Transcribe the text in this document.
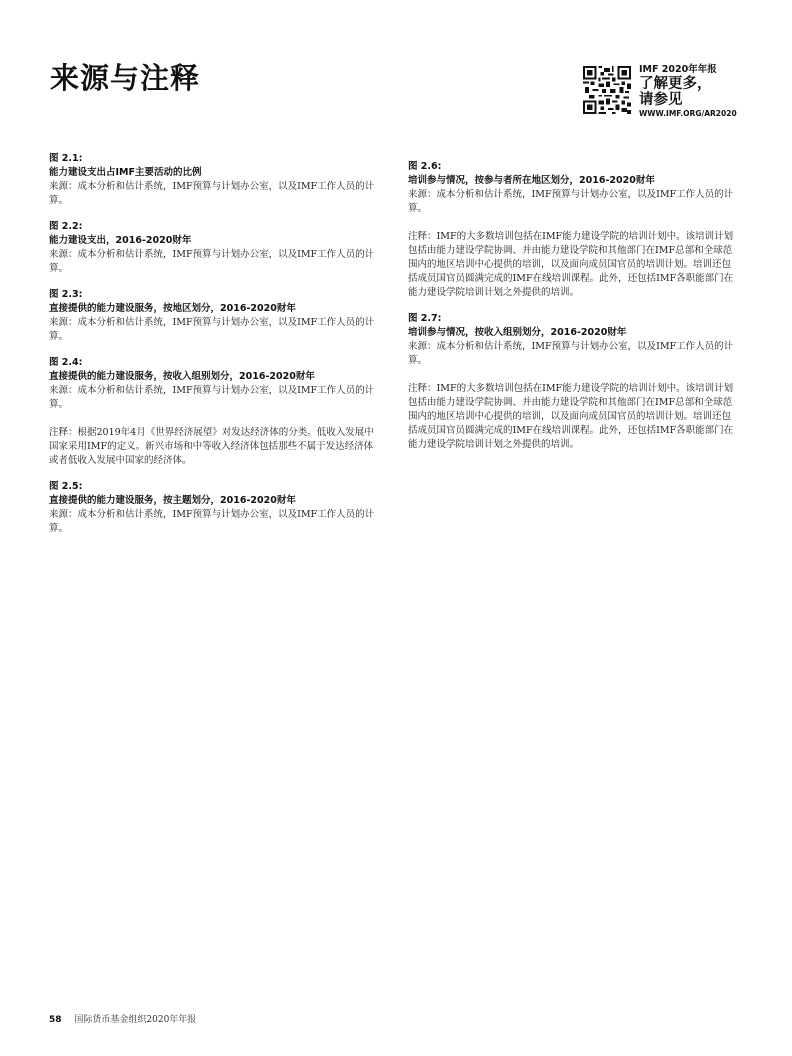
来源与注释	IMF 2020年年报
了解更多，
请参见
WWW.IMF.ORG/AR2020
图 2.1:
能力建设支出占IMF主要活动的比例
来源：成本分析和估计系统，IMF预算与计划办公室，以及IMF工作人员的计算。
图 2.2:
能力建设支出，2016-2020财年
来源：成本分析和估计系统，IMF预算与计划办公室，以及IMF工作人员的计算。
图 2.3:
直接提供的能力建设服务，按地区划分，2016-2020财年
来源：成本分析和估计系统，IMF预算与计划办公室，以及IMF工作人员的计算。
图 2.4:
直接提供的能力建设服务，按收入组别划分，2016-2020财年
来源：成本分析和估计系统，IMF预算与计划办公室，以及IMF工作人员的计算。
注释：根据2019年4月《世界经济展望》对发达经济体的分类。低收入发展中国家采用IMF的定义。新兴市场和中等收入经济体包括那些不属于发达经济体或者低收入发展中国家的经济体。
图 2.5:
直接提供的能力建设服务，按主题划分，2016-2020财年
来源：成本分析和估计系统，IMF预算与计划办公室，以及IMF工作人员的计算。
图 2.6:
培训参与情况，按参与者所在地区划分，2016-2020财年
来源：成本分析和估计系统，IMF预算与计划办公室，以及IMF工作人员的计算。
注释：IMF的大多数培训包括在IMF能力建设学院的培训计划中。该培训计划包括由能力建设学院协调、并由能力建设学院和其他部门在IMF总部和全球范围内的地区培训中心提供的培训，以及面向成员国官员的培训计划。培训还包括成员国官员圆满完成的IMF在线培训课程。此外，还包括IMF各职能部门在能力建设学院培训计划之外提供的培训。
图 2.7:
培训参与情况，按收入组别划分，2016-2020财年
来源：成本分析和估计系统，IMF预算与计划办公室，以及IMF工作人员的计算。
注释：IMF的大多数培训包括在IMF能力建设学院的培训计划中。该培训计划包括由能力建设学院协调、并由能力建设学院和其他部门在IMF总部和全球范围内的地区培训中心提供的培训，以及面向成员国官员的培训计划。培训还包括成员国官员圆满完成的IMF在线培训课程。此外，还包括IMF各职能部门在能力建设学院培训计划之外提供的培训。
58 国际货币基金组织2020年年报
